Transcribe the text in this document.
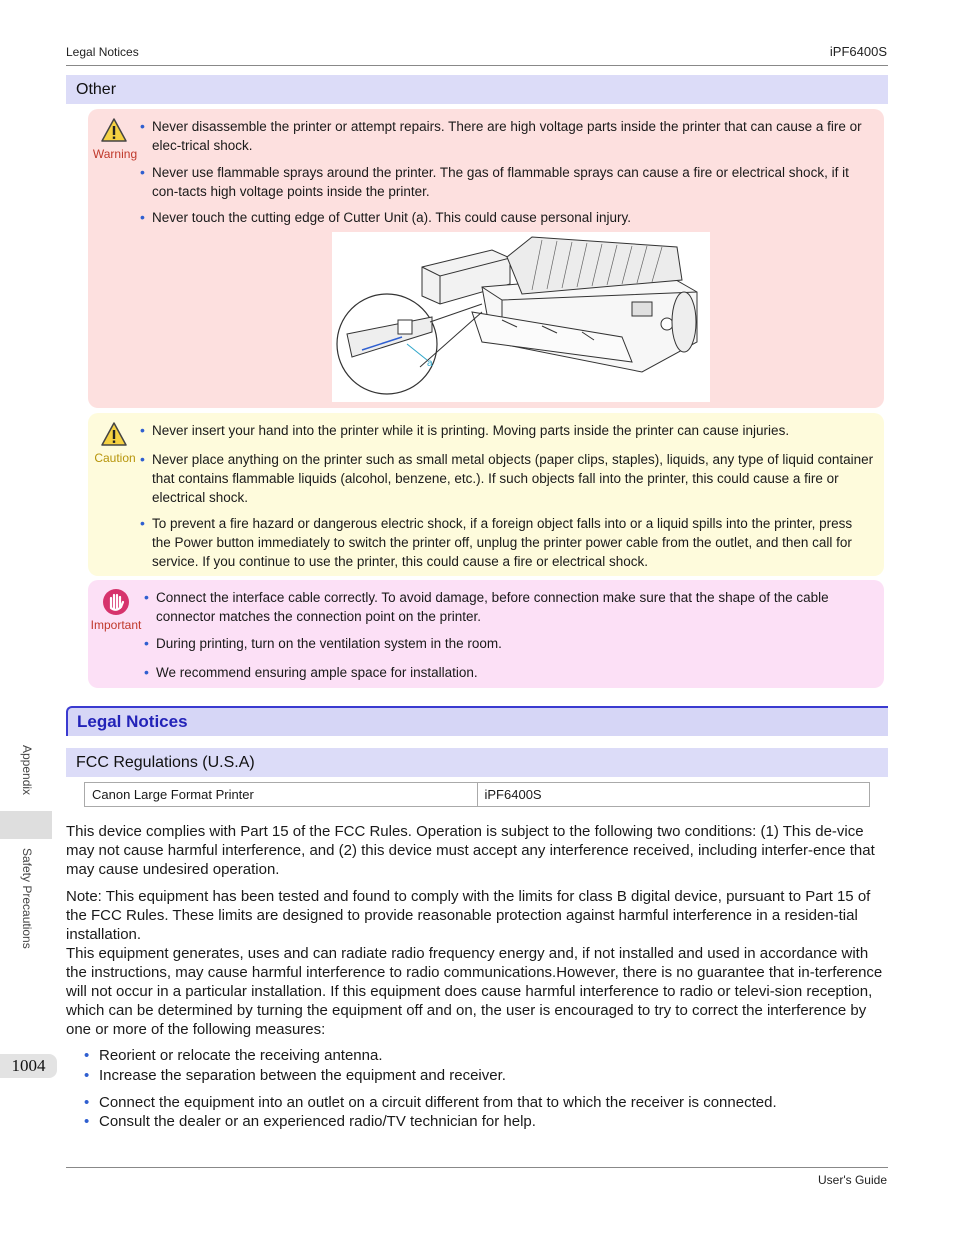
Legal Notices	iPF6400S
Other
Warning
• Never disassemble the printer or attempt repairs. There are high voltage parts inside the printer that can cause a fire or elec-trical shock.
• Never use flammable sprays around the printer. The gas of flammable sprays can cause a fire or electrical shock, if it con-tacts high voltage points inside the printer.
• Never touch the cutting edge of Cutter Unit (a). This could cause personal injury.
a
Caution
• Never insert your hand into the printer while it is printing. Moving parts inside the printer can cause injuries.
• Never place anything on the printer such as small metal objects (paper clips, staples), liquids, any type of liquid container that contains flammable liquids (alcohol, benzene, etc.). If such objects fall into the printer, this could cause a fire or electrical shock.
• To prevent a fire hazard or dangerous electric shock, if a foreign object falls into or a liquid spills into the printer, press the Power button immediately to switch the printer off, unplug the printer power cable from the outlet, and then call for service. If you continue to use the printer, this could cause a fire or electrical shock.
Important
• Connect the interface cable correctly. To avoid damage, before connection make sure that the shape of the cable connector matches the connection point on the printer.
• During printing, turn on the ventilation system in the room.
• We recommend ensuring ample space for installation.
Legal Notices
FCC Regulations (U.S.A)
Canon Large Format Printer	iPF6400S
This device complies with Part 15 of the FCC Rules. Operation is subject to the following two conditions: (1) This de-vice may not cause harmful interference, and (2) this device must accept any interference received, including interfer-ence that may cause undesired operation.
Note: This equipment has been tested and found to comply with the limits for class B digital device, pursuant to Part 15 of the FCC Rules. These limits are designed to provide reasonable protection against harmful interference in a residen-tial installation.
This equipment generates, uses and can radiate radio frequency energy and, if not installed and used in accordance with the instructions, may cause harmful interference to radio communications.However, there is no guarantee that in-terference will not occur in a particular installation. If this equipment does cause harmful interference to radio or televi-sion reception, which can be determined by turning the equipment off and on, the user is encouraged to try to correct the interference by one or more of the following measures:
• Reorient or relocate the receiving antenna.
• Increase the separation between the equipment and receiver.
• Connect the equipment into an outlet on a circuit different from that to which the receiver is connected.
• Consult the dealer or an experienced radio/TV technician for help.
Appendix
Safety Precautions
1004
User's Guide
